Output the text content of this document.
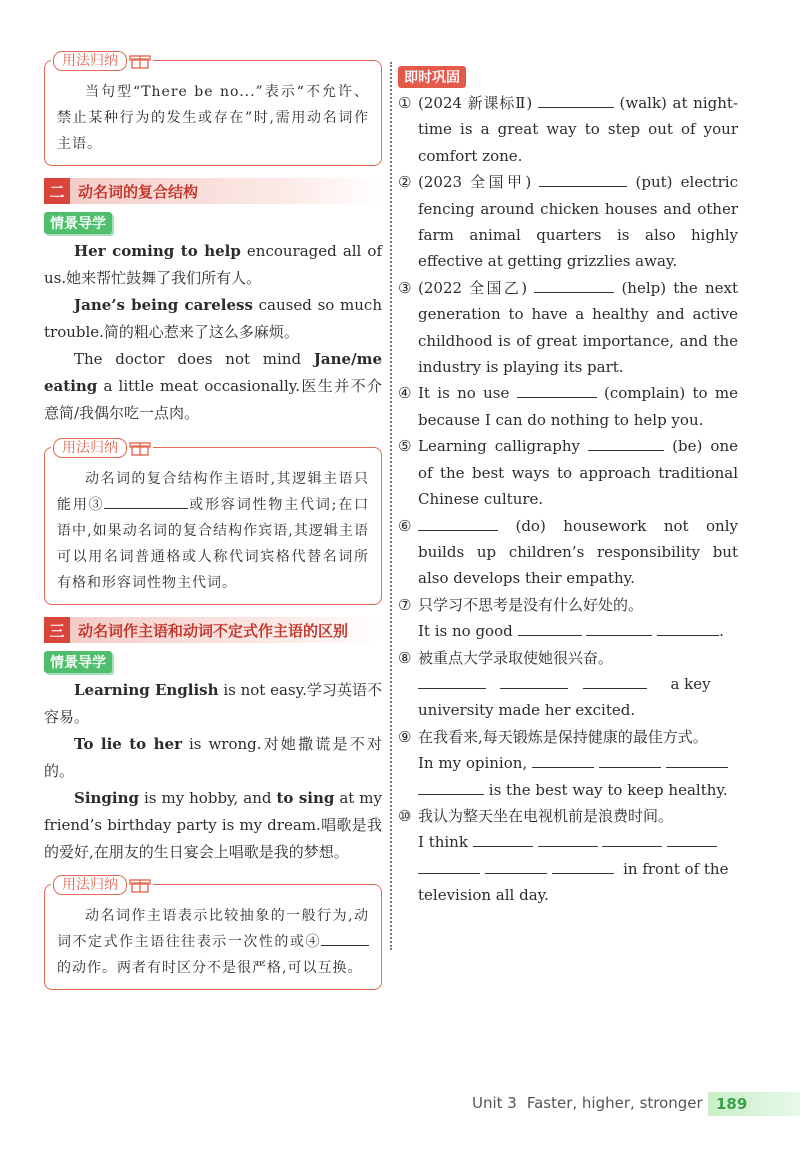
用法归纳

当句型“There be no...”表示“不允许、禁止某种行为的发生或存在”时,需用动名词作主语。

二 动名词的复合结构
情景导学

Her coming to help encouraged all of us.她来帮忙鼓舞了我们所有人。

Jane’s being careless caused so much trouble.简的粗心惹来了这么多麻烦。

The doctor does not mind Jane/me eating a little meat occasionally.医生并不介意简/我偶尔吃一点肉。

用法归纳

动名词的复合结构作主语时,其逻辑主语只能用③	或形容词性物主代词;在口语中,如果动名词的复合结构作宾语,其逻辑主语可以用名词普通格或人称代词宾格代替名词所有格和形容词性物主代词。

三 动名词作主语和动词不定式作主语的区别
情景导学

Learning English is not easy.学习英语不容易。

To lie to her is wrong.对她撒谎是不对的。

Singing is my hobby, and to sing at my friend’s birthday party is my dream.唱歌是我的爱好,在朋友的生日宴会上唱歌是我的梦想。

用法归纳

动名词作主语表示比较抽象的一般行为,动词不定式作主语往往表示一次性的或④的动作。两者有时区分不是很严格,可以互换。

即时巩固
① (2024 新课标Ⅱ)	(walk) at night-time is a great way to step out of your comfort zone.
② (2023 全国甲)	(put) electric fencing around chicken houses and other farm animal quarters is also highly effective at getting grizzlies away.
③ (2022 全国乙)	(help) the next generation to have a healthy and active childhood is of great importance, and the industry is playing its part.
④ It is no use	(complain) to me because I can do nothing to help you.
⑤ Learning calligraphy	(be) one of the best ways to approach traditional Chinese culture.
⑥	(do) housework not only builds up children’s responsibility but also develops their empathy.
⑦ 只学习不思考是没有什么好处的。
It is no good	.
⑧ 被重点大学录取使她很兴奋。
a key
university made her excited.
⑨ 在我看来,每天锻炼是保持健康的最佳方式。
In my opinion,
is the best way to keep healthy.
⑩ 我认为整天坐在电视机前是浪费时间。
I think
in front of the
television all day.
Unit 3 Faster, higher, stronger 189
